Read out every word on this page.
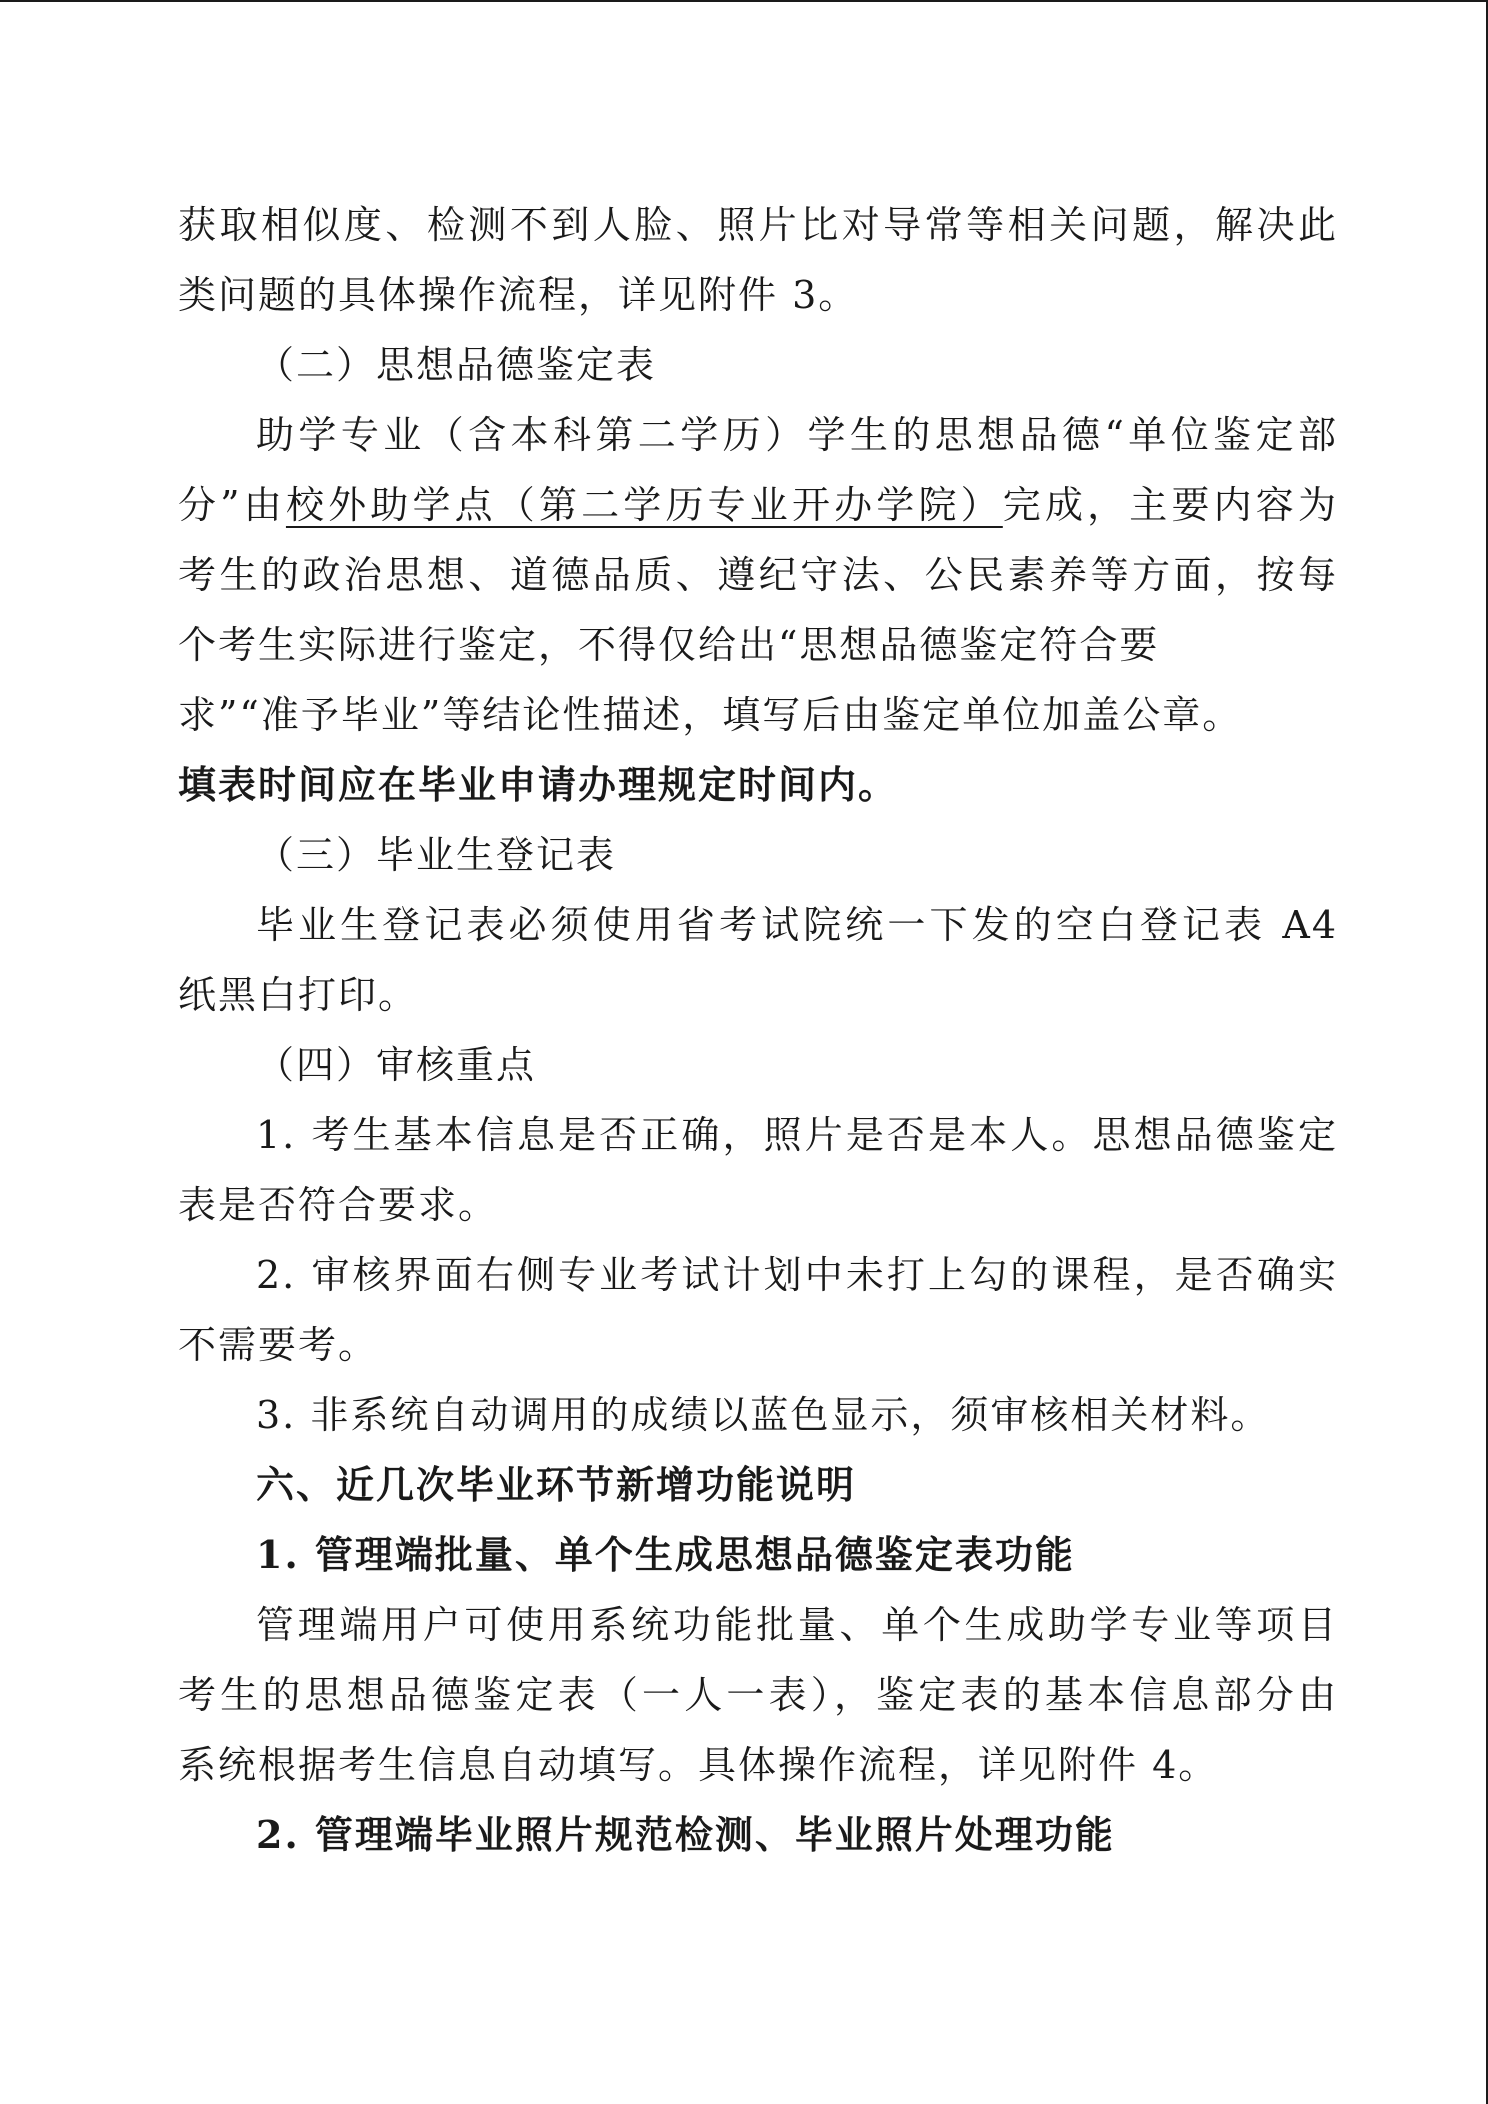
获取相似度、检测不到人脸、照片比对导常等相关问题，解决此
类问题的具体操作流程，详见附件 3。
（二）思想品德鉴定表
助学专业（含本科第二学历）学生的思想品德“单位鉴定部
分”由校外助学点（第二学历专业开办学院）完成，主要内容为
考生的政治思想、道德品质、遵纪守法、公民素养等方面，按每
个考生实际进行鉴定，不得仅给出“思想品德鉴定符合要
求”“准予毕业”等结论性描述，填写后由鉴定单位加盖公章。
填表时间应在毕业申请办理规定时间内。
（三）毕业生登记表
毕业生登记表必须使用省考试院统一下发的空白登记表 A4
纸黑白打印。
（四）审核重点
1. 考生基本信息是否正确，照片是否是本人。思想品德鉴定
表是否符合要求。
2. 审核界面右侧专业考试计划中未打上勾的课程，是否确实
不需要考。
3. 非系统自动调用的成绩以蓝色显示，须审核相关材料。
六、近几次毕业环节新增功能说明
1. 管理端批量、单个生成思想品德鉴定表功能
管理端用户可使用系统功能批量、单个生成助学专业等项目
考生的思想品德鉴定表（一人一表），鉴定表的基本信息部分由
系统根据考生信息自动填写。具体操作流程，详见附件 4。
2. 管理端毕业照片规范检测、毕业照片处理功能
